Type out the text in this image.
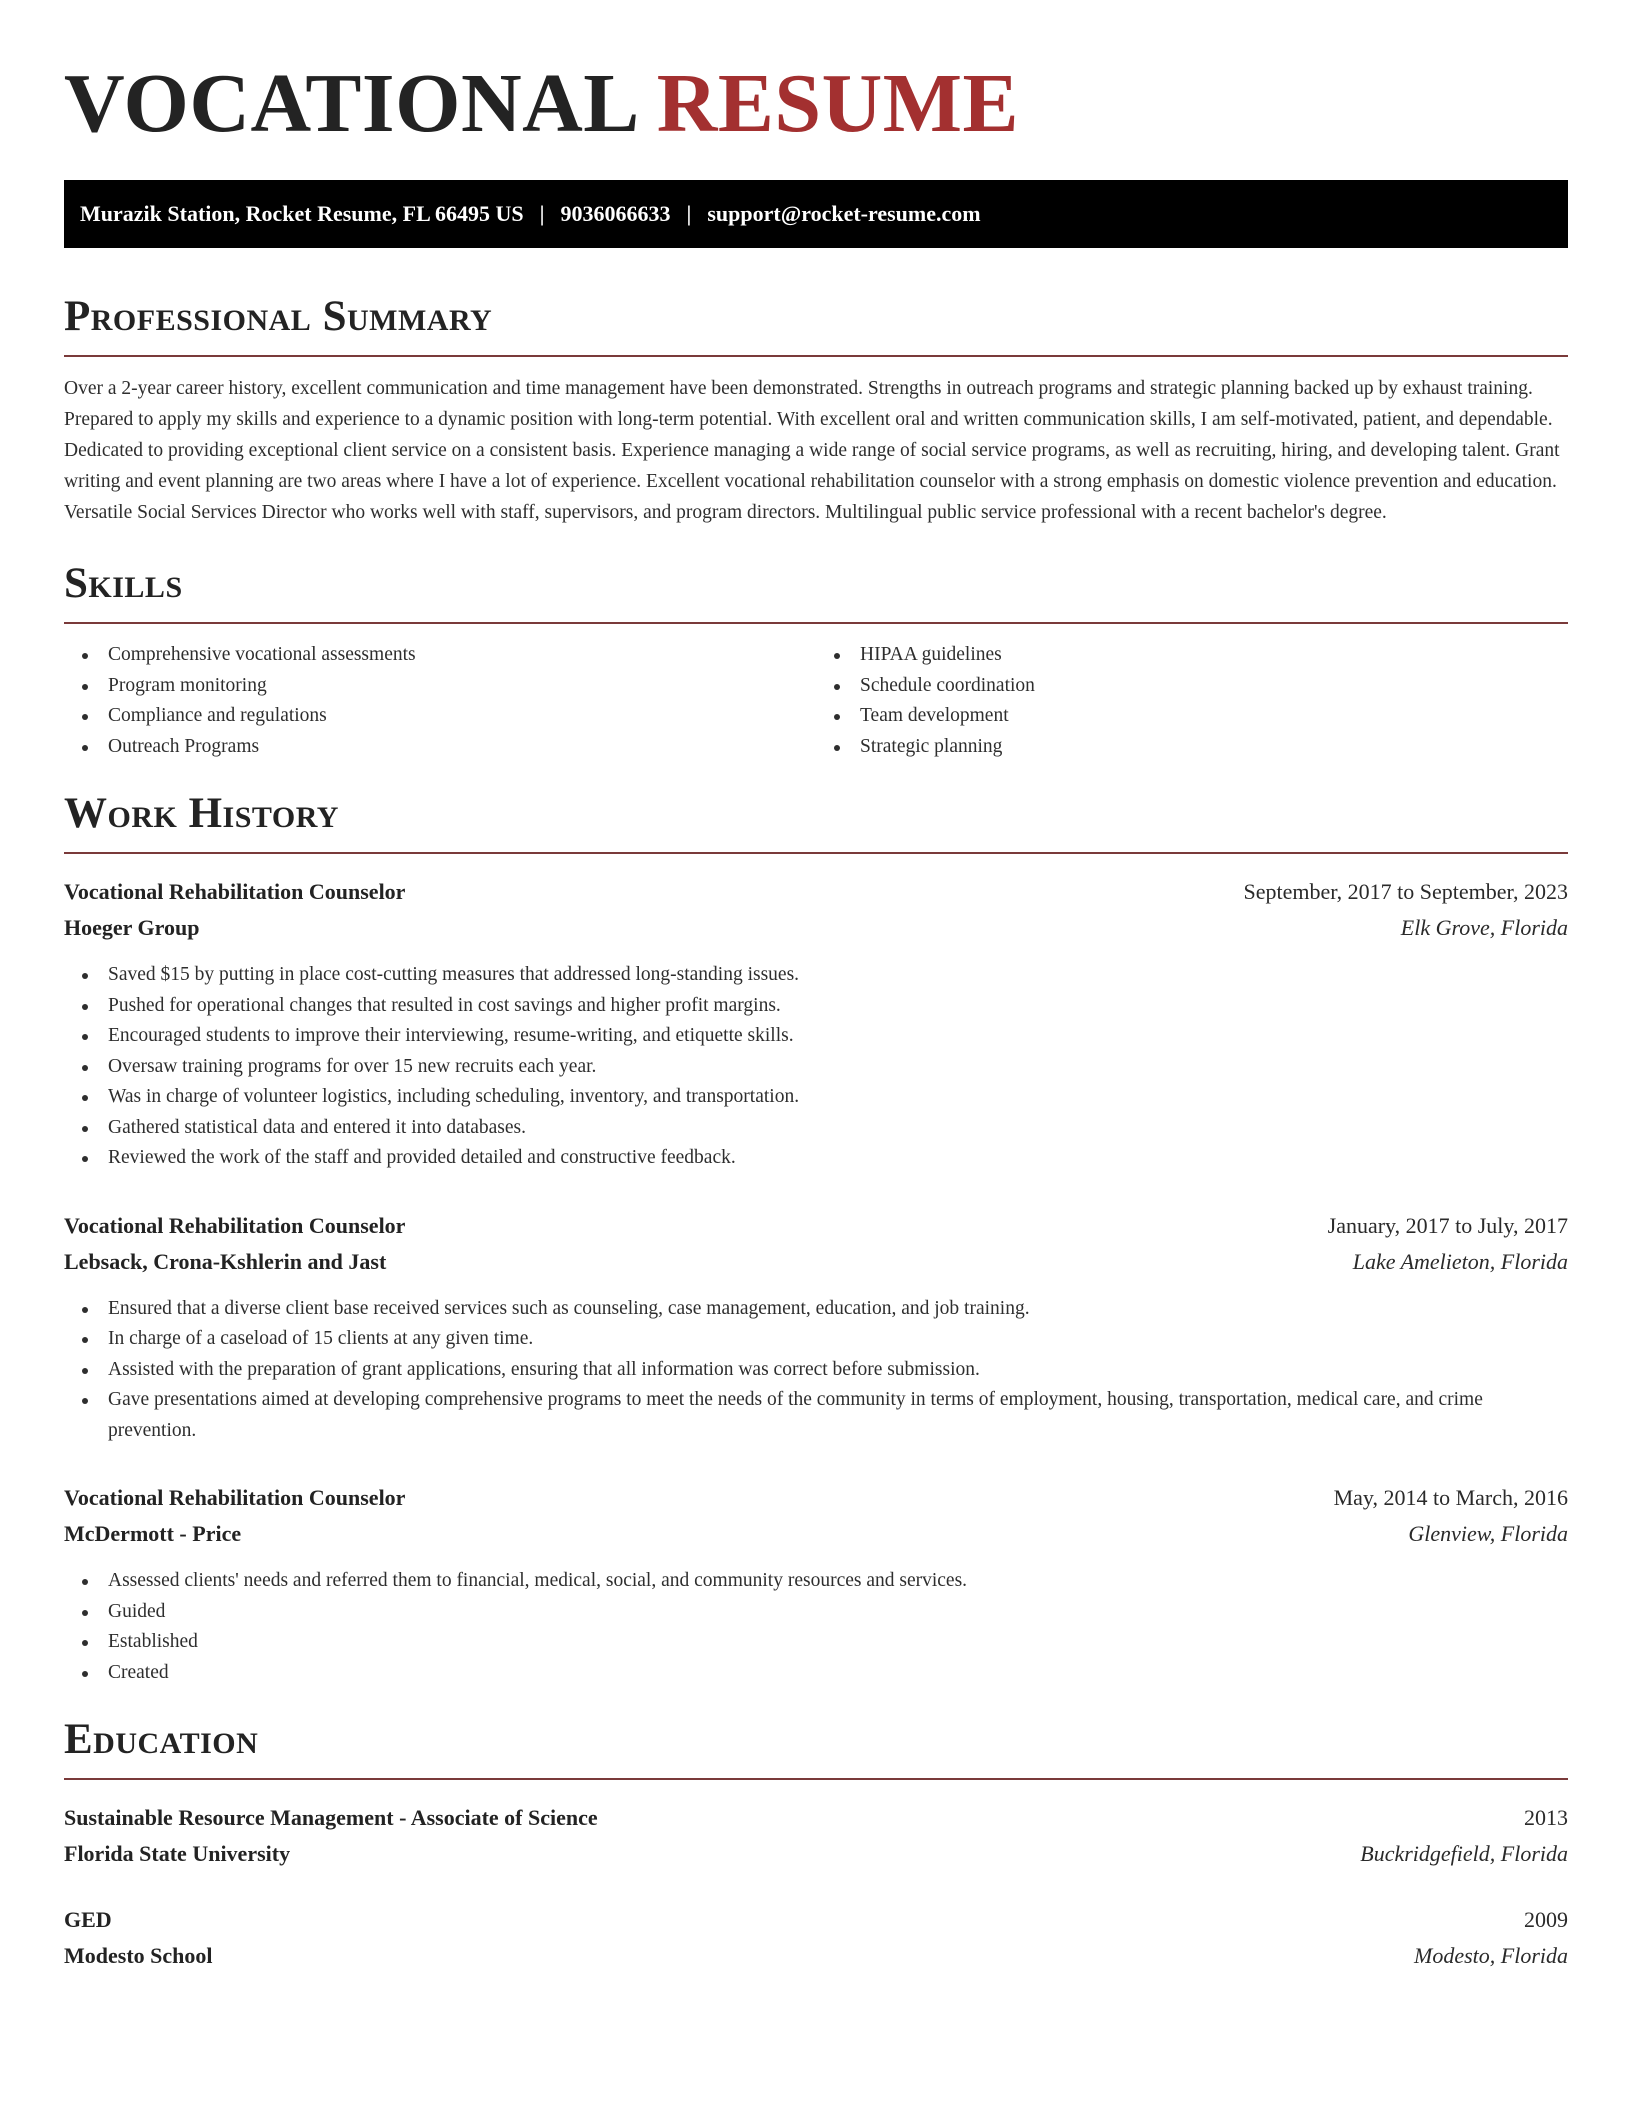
VOCATIONAL RESUME
Murazik Station, Rocket Resume, FL 66495 US | 9036066633 | support@rocket-resume.com
Professional Summary

Over a 2-year career history, excellent communication and time management have been demonstrated. Strengths in outreach programs and strategic planning backed up by exhaust training. Prepared to apply my skills and experience to a dynamic position with long-term potential. With excellent oral and written communication skills, I am self-motivated, patient, and dependable. Dedicated to providing exceptional client service on a consistent basis. Experience managing a wide range of social service programs, as well as recruiting, hiring, and developing talent. Grant writing and event planning are two areas where I have a lot of experience. Excellent vocational rehabilitation counselor with a strong emphasis on domestic violence prevention and education. Versatile Social Services Director who works well with staff, supervisors, and program directors. Multilingual public service professional with a recent bachelor's degree.

Skills
Comprehensive vocational assessments
Program monitoring
Compliance and regulations
Outreach Programs
HIPAA guidelines
Schedule coordination
Team development
Strategic planning
Work History
Vocational Rehabilitation Counselor	September, 2017 to September, 2023
Hoeger Group	Elk Grove, Florida
Saved $15 by putting in place cost-cutting measures that addressed long-standing issues.
Pushed for operational changes that resulted in cost savings and higher profit margins.
Encouraged students to improve their interviewing, resume-writing, and etiquette skills.
Oversaw training programs for over 15 new recruits each year.
Was in charge of volunteer logistics, including scheduling, inventory, and transportation.
Gathered statistical data and entered it into databases.
Reviewed the work of the staff and provided detailed and constructive feedback.
Vocational Rehabilitation Counselor	January, 2017 to July, 2017
Lebsack, Crona-Kshlerin and Jast	Lake Amelieton, Florida
Ensured that a diverse client base received services such as counseling, case management, education, and job training.
In charge of a caseload of 15 clients at any given time.
Assisted with the preparation of grant applications, ensuring that all information was correct before submission.
Gave presentations aimed at developing comprehensive programs to meet the needs of the community in terms of employment, housing, transportation, medical care, and crime prevention.
Vocational Rehabilitation Counselor	May, 2014 to March, 2016
McDermott - Price	Glenview, Florida
Assessed clients' needs and referred them to financial, medical, social, and community resources and services.
Guided
Established
Created
Education
Sustainable Resource Management - Associate of Science	2013
Florida State University	Buckridgefield, Florida
GED	2009
Modesto School	Modesto, Florida
